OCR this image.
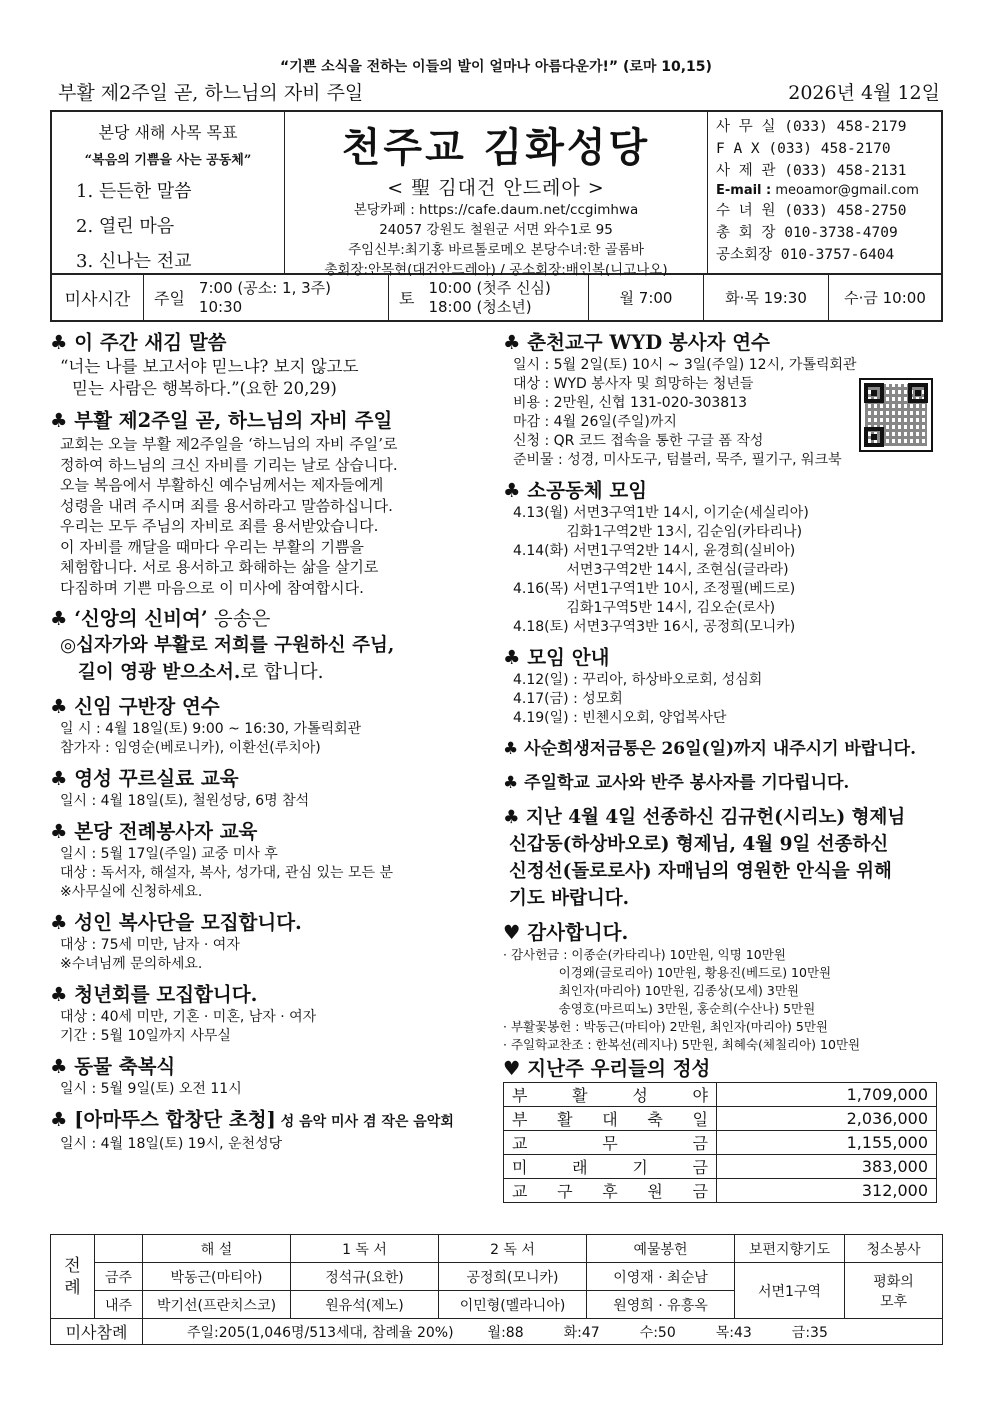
“기쁜 소식을 전하는 이들의 발이 얼마나 아름다운가!” (로마 10,15)
부활 제2주일 곧, 하느님의 자비 주일	2026년 4월 12일
본당 새해 사목 목표
“복음의 기쁨을 사는 공동체”
1. 든든한 말씀
2. 열린 마음
3. 신나는 전교
천주교 김화성당
< 聖 김대건 안드레아 >
본당카페 : https://cafe.daum.net/ccgimhwa
24057 강원도 철원군 서면 와수1로 95
주임신부:최기홍 바르톨로메오 본당수녀:한 골롬바
총회장:안목현(대건안드레아) / 공소회장:배인복(니고나오)
사 무 실 (033) 458-2179
F A X (033) 458-2170
사 제 관 (033) 458-2131
E-mail : meoamor@gmail.com
수 녀 원 (033) 458-2750
총 회 장 010-3738-4709
공소회장 010-3757-6404
미사시간	주일
7:00 (공소: 1, 3주)
10:30	토
10:00 (첫주 신심)
18:00 (청소년)	월 7:00	화·목 19:30	수·금 10:00
♣ 이 주간 새김 말씀
“너는 나를 보고서야 믿느냐? 보지 않고도
믿는 사람은 행복하다.”(요한 20,29)
♣ 부활 제2주일 곧, 하느님의 자비 주일
교회는 오늘 부활 제2주일을 ‘하느님의 자비 주일’로
정하여 하느님의 크신 자비를 기리는 날로 삼습니다.
오늘 복음에서 부활하신 예수님께서는 제자들에게
성령을 내려 주시며 죄를 용서하라고 말씀하십니다.
우리는 모두 주님의 자비로 죄를 용서받았습니다.
이 자비를 깨달을 때마다 우리는 부활의 기쁨을
체험합니다. 서로 용서하고 화해하는 삶을 살기로
다짐하며 기쁜 마음으로 이 미사에 참여합시다.
♣ ‘신앙의 신비여’ 응송은
◎십자가와 부활로 저희를 구원하신 주님,
길이 영광 받으소서.로 합니다.
♣ 신임 구반장 연수
일 시 : 4월 18일(토) 9:00 ~ 16:30, 가톨릭회관
참가자 : 임영순(베로니카), 이환선(루치아)
♣ 영성 꾸르실료 교육
일시 : 4월 18일(토), 철원성당, 6명 참석
♣ 본당 전례봉사자 교육
일시 : 5월 17일(주일) 교중 미사 후
대상 : 독서자, 해설자, 복사, 성가대, 관심 있는 모든 분
※사무실에 신청하세요.
♣ 성인 복사단을 모집합니다.
대상 : 75세 미만, 남자 · 여자
※수녀님께 문의하세요.
♣ 청년회를 모집합니다.
대상 : 40세 미만, 기혼 · 미혼, 남자 · 여자
기간 : 5월 10일까지 사무실
♣ 동물 축복식
일시 : 5월 9일(토) 오전 11시
♣ [아마뚜스 합창단 초청] 성 음악 미사 겸 작은 음악회
일시 : 4월 18일(토) 19시, 운천성당
♣ 춘천교구 WYD 봉사자 연수
일시 : 5월 2일(토) 10시 ~ 3일(주일) 12시, 가톨릭회관
대상 : WYD 봉사자 및 희망하는 청년들
비용 : 2만원, 신협 131-020-303813
마감 : 4월 26일(주일)까지
신청 : QR 코드 접속을 통한 구글 폼 작성
준비물 : 성경, 미사도구, 텀블러, 묵주, 필기구, 워크북
♣ 소공동체 모임
4.13(월) 서면3구역1반 14시, 이기순(세실리아)
김화1구역2반 13시, 김순임(카타리나)
4.14(화) 서면1구역2반 14시, 윤경희(실비아)
서면3구역2반 14시, 조현심(글라라)
4.16(목) 서면1구역1반 10시, 조정필(베드로)
김화1구역5반 14시, 김오순(로사)
4.18(토) 서면3구역3반 16시, 공정희(모니카)
♣ 모임 안내
4.12(일) : 꾸리아, 하상바오로회, 성심회
4.17(금) : 성모회
4.19(일) : 빈첸시오회, 양업복사단
♣ 사순희생저금통은 26일(일)까지 내주시기 바랍니다.
♣ 주일학교 교사와 반주 봉사자를 기다립니다.
♣ 지난 4월 4일 선종하신 김규헌(시리노) 형제님
신갑동(하상바오로) 형제님, 4월 9일 선종하신
신정선(돌로로사) 자매님의 영원한 안식을 위해
기도 바랍니다.
♥ 감사합니다.
· 감사헌금 : 이종순(카타리나) 10만원, 익명 10만원
이경왜(글로리아) 10만원, 황용진(베드로) 10만원
최인자(마리아) 10만원, 김종상(모세) 3만원
송영호(마르띠노) 3만원, 홍순희(수산나) 5만원
· 부활꽃봉헌 : 박동근(마티아) 2만원, 최인자(마리아) 5만원
· 주일학교찬조 : 한복선(레지나) 5만원, 최혜숙(체칠리아) 10만원
♥ 지난주 우리들의 정성
부 활 성 야	1,709,000

부 활 대 축 일	2,036,000

교 무 금	1,155,000

미 래 기 금	383,000

교 구 후 원 금	312,000
전례		해 설	1 독 서	2 독 서	예물봉헌	보편지향기도	청소봉사
	금주	박동근(마티아)	정석규(요한)	공정희(모니카)	이영재 · 최순남	서면1구역	평화의 모후
	내주	박기선(프란치스코)	원유석(제노)	이민형(멜라니아)	원영희 · 유흥옥		
미사참례	주일:205(1,046명/513세대, 참례율 20%) 월:88	화:47	수:50	목:43	금:35
